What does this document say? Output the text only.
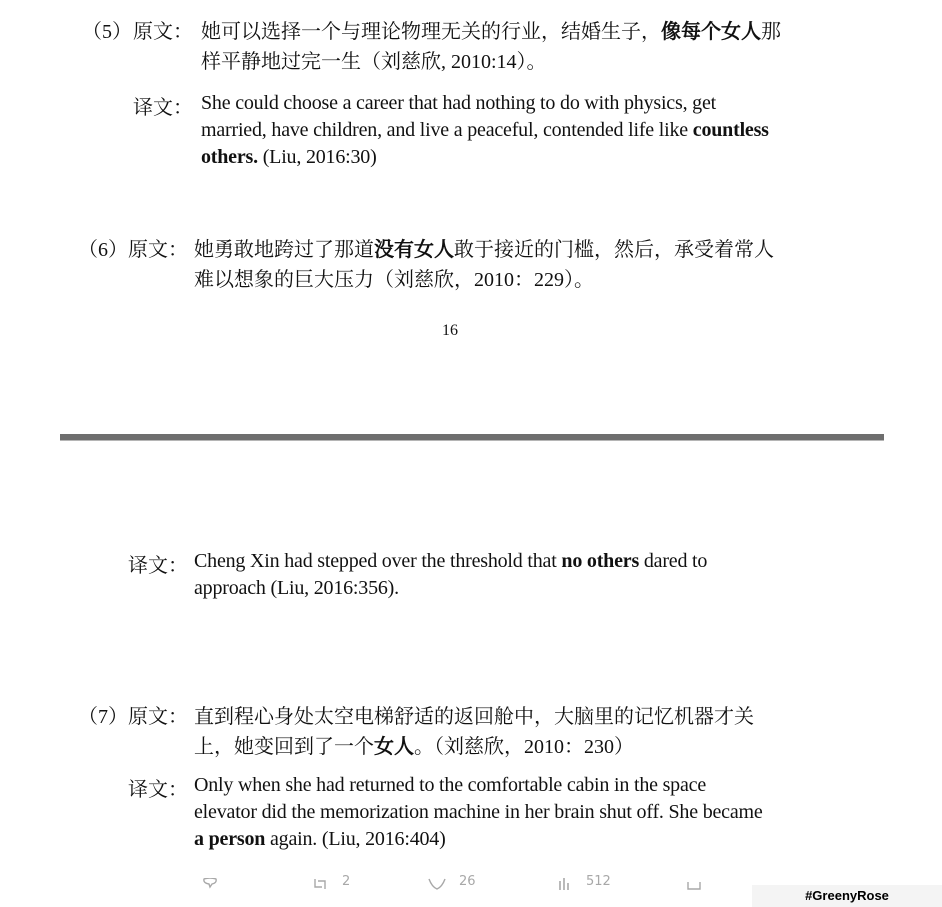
（5） 原文： 她可以选择一个与理论物理无关的行业，结婚生子，像每个女人那
样平静地过完一生（刘慈欣, 2010:14）。
译文： She could choose a career that had nothing to do with physics, get
married, have children, and live a peaceful, contended life like countless
others. (Liu, 2016:30)
（6） 原文： 她勇敢地跨过了那道没有女人敢于接近的门槛，然后，承受着常人
难以想象的巨大压力（刘慈欣，2010：229）。
16
译文： Cheng Xin had stepped over the threshold that no others dared to
approach (Liu, 2016:356).
（7） 原文： 直到程心身处太空电梯舒适的返回舱中，大脑里的记忆机器才关
上，她变回到了一个女人。（刘慈欣，2010：230）
译文： Only when she had returned to the comfortable cabin in the space
elevator did the memorization machine in her brain shut off. She became
a person again. (Liu, 2016:404)
2	26	512
#GreenyRose
